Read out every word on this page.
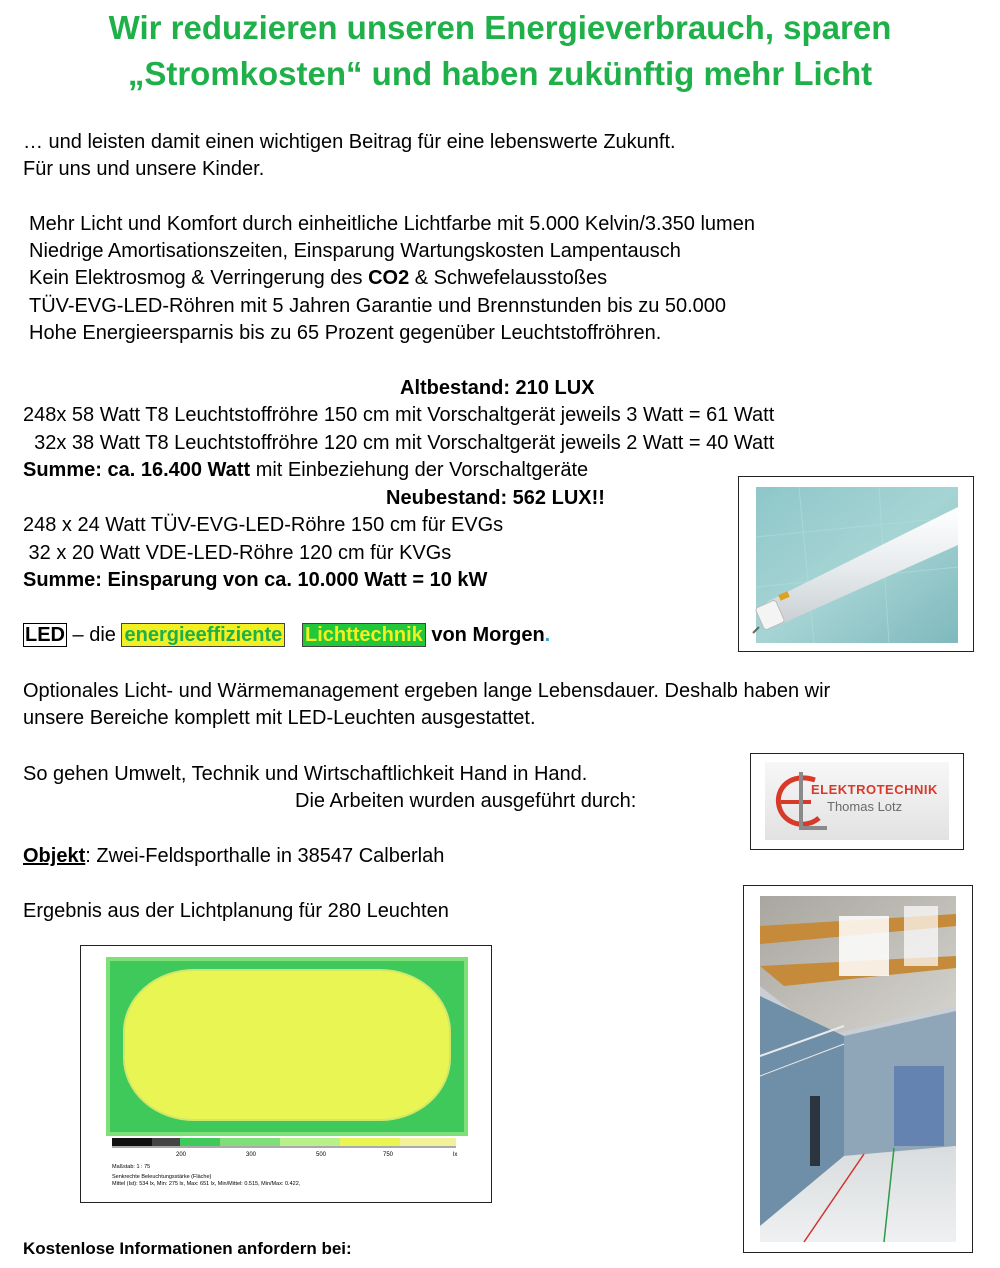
Wir reduzieren unseren Energieverbrauch, sparen
„Stromkosten“ und haben zukünftig mehr Licht
… und leisten damit einen wichtigen Beitrag für eine lebenswerte Zukunft.
Für uns und unsere Kinder.
Mehr Licht und Komfort durch einheitliche Lichtfarbe mit 5.000 Kelvin/3.350 lumen
Niedrige Amortisationszeiten, Einsparung Wartungskosten Lampentausch
Kein Elektrosmog & Verringerung des CO2 & Schwefelausstoßes
TÜV-EVG-LED-Röhren mit 5 Jahren Garantie und Brennstunden bis zu 50.000
Hohe Energieersparnis bis zu 65 Prozent gegenüber Leuchtstoffröhren.
Altbestand: 210 LUX
248x 58 Watt T8 Leuchtstoffröhre 150 cm mit Vorschaltgerät jeweils 3 Watt = 61 Watt
32x 38 Watt T8 Leuchtstoffröhre 120 cm mit Vorschaltgerät jeweils 2 Watt = 40 Watt
Summe: ca. 16.400 Watt mit Einbeziehung der Vorschaltgeräte
Neubestand: 562 LUX!!
248 x 24 Watt TÜV-EVG-LED-Röhre 150 cm für EVGs
32 x 20 Watt VDE-LED-Röhre 120 cm für KVGs
Summe: Einsparung von ca. 10.000 Watt = 10 kW
LED – die energieeffiziente Lichttechnik von Morgen.
Optionales Licht- und Wärmemanagement ergeben lange Lebensdauer. Deshalb haben wir
unsere Bereiche komplett mit LED-Leuchten ausgestattet.
So gehen Umwelt, Technik und Wirtschaftlichkeit Hand in Hand.
Die Arbeiten wurden ausgeführt durch:
ELEKTROTECHNIK
Thomas Lotz
Objekt: Zwei-Feldsporthalle in 38547 Calberlah
Ergebnis aus der Lichtplanung für 280 Leuchten
200	300	500	750	lx
Maßstab: 1 : 75
Senkrechte Beleuchtungsstärke (Fläche)
Mittel (Ist): 534 lx, Min: 275 lx, Max: 651 lx, Min/Mittel: 0.515, Min/Max: 0.422,
Kostenlose Informationen anfordern bei:
